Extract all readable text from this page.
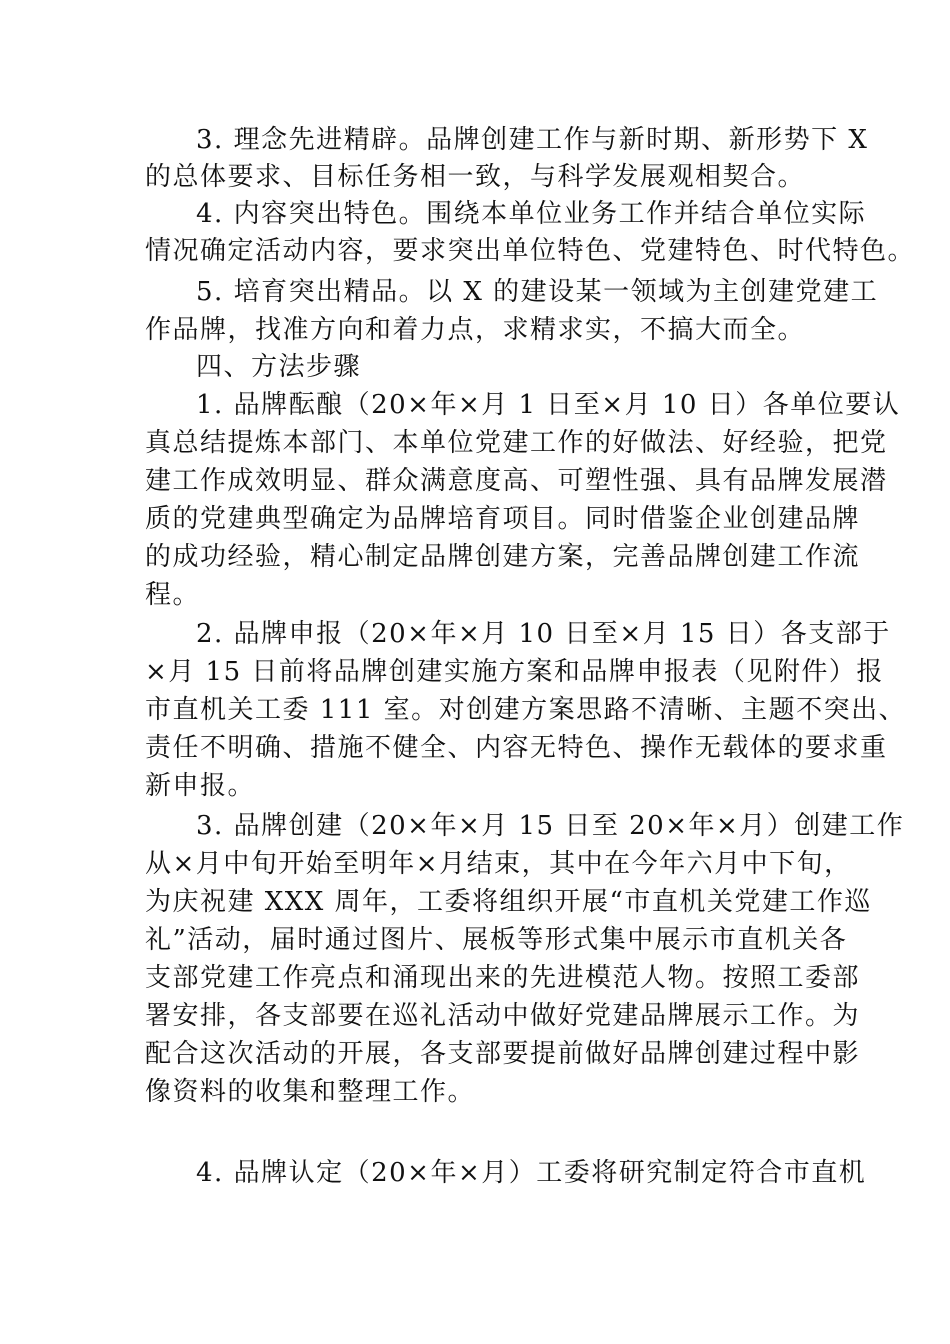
3. 理念先进精辟。品牌创建工作与新时期、新形势下 X
的总体要求、目标任务相一致，与科学发展观相契合。
4. 内容突出特色。围绕本单位业务工作并结合单位实际
情况确定活动内容，要求突出单位特色、党建特色、时代特色。
5. 培育突出精品。以 X 的建设某一领域为主创建党建工
作品牌，找准方向和着力点，求精求实，不搞大而全。
四、方法步骤
1. 品牌酝酿（20×年×月 1 日至×月 10 日）各单位要认
真总结提炼本部门、本单位党建工作的好做法、好经验，把党
建工作成效明显、群众满意度高、可塑性强、具有品牌发展潜
质的党建典型确定为品牌培育项目。同时借鉴企业创建品牌
的成功经验，精心制定品牌创建方案，完善品牌创建工作流
程。
2. 品牌申报（20×年×月 10 日至×月 15 日）各支部于
×月 15 日前将品牌创建实施方案和品牌申报表（见附件）报
市直机关工委 111 室。对创建方案思路不清晰、主题不突出、
责任不明确、措施不健全、内容无特色、操作无载体的要求重
新申报。
3. 品牌创建（20×年×月 15 日至 20×年×月）创建工作
从×月中旬开始至明年×月结束，其中在今年六月中下旬，
为庆祝建 XXX 周年，工委将组织开展“市直机关党建工作巡
礼”活动，届时通过图片、展板等形式集中展示市直机关各
支部党建工作亮点和涌现出来的先进模范人物。按照工委部
署安排，各支部要在巡礼活动中做好党建品牌展示工作。为
配合这次活动的开展，各支部要提前做好品牌创建过程中影
像资料的收集和整理工作。
4. 品牌认定（20×年×月）工委将研究制定符合市直机
